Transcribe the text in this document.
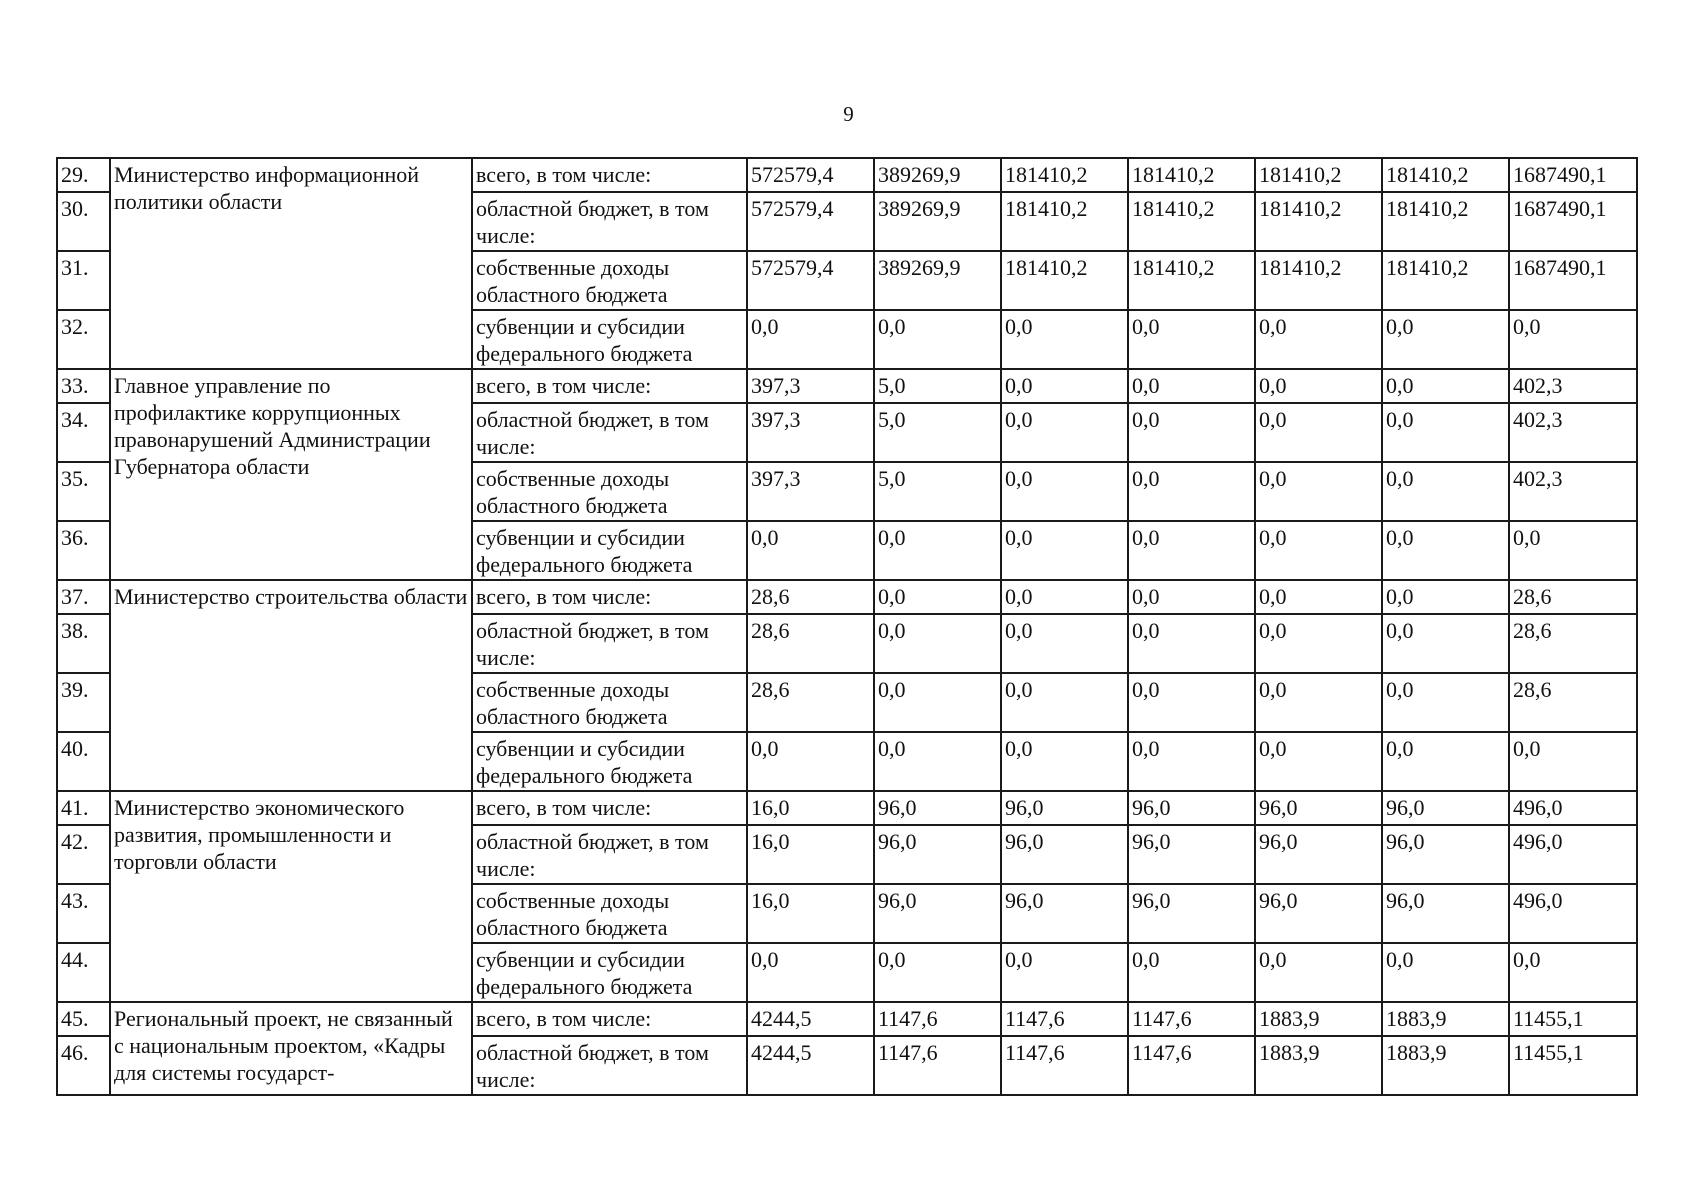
9
29.	Министерство информационной политики области	всего, в том числе:	572579,4	389269,9	181410,2	181410,2	181410,2	181410,2	1687490,1
30.		областной бюджет, в том числе:	572579,4	389269,9	181410,2	181410,2	181410,2	181410,2	1687490,1
31.		собственные доходы областного бюджета	572579,4	389269,9	181410,2	181410,2	181410,2	181410,2	1687490,1
32.		субвенции и субсидии федерального бюджета	0,0	0,0	0,0	0,0	0,0	0,0	0,0
33.	Главное управление по профилактике коррупционных правонарушений Администрации Губернатора области	всего, в том числе:	397,3	5,0	0,0	0,0	0,0	0,0	402,3
34.		областной бюджет, в том числе:	397,3	5,0	0,0	0,0	0,0	0,0	402,3
35.		собственные доходы областного бюджета	397,3	5,0	0,0	0,0	0,0	0,0	402,3
36.		субвенции и субсидии федерального бюджета	0,0	0,0	0,0	0,0	0,0	0,0	0,0
37.	Министерство строительства области	всего, в том числе:	28,6	0,0	0,0	0,0	0,0	0,0	28,6
38.		областной бюджет, в том числе:	28,6	0,0	0,0	0,0	0,0	0,0	28,6
39.		собственные доходы областного бюджета	28,6	0,0	0,0	0,0	0,0	0,0	28,6
40.		субвенции и субсидии федерального бюджета	0,0	0,0	0,0	0,0	0,0	0,0	0,0
41.	Министерство экономического развития, промышленности и торговли области	всего, в том числе:	16,0	96,0	96,0	96,0	96,0	96,0	496,0
42.		областной бюджет, в том числе:	16,0	96,0	96,0	96,0	96,0	96,0	496,0
43.		собственные доходы областного бюджета	16,0	96,0	96,0	96,0	96,0	96,0	496,0
44.		субвенции и субсидии федерального бюджета	0,0	0,0	0,0	0,0	0,0	0,0	0,0
45.	Региональный проект, не связанный с национальным проектом, «Кадры для системы государст-	всего, в том числе:	4244,5	1147,6	1147,6	1147,6	1883,9	1883,9	11455,1
46.		областной бюджет, в том числе:	4244,5	1147,6	1147,6	1147,6	1883,9	1883,9	11455,1
